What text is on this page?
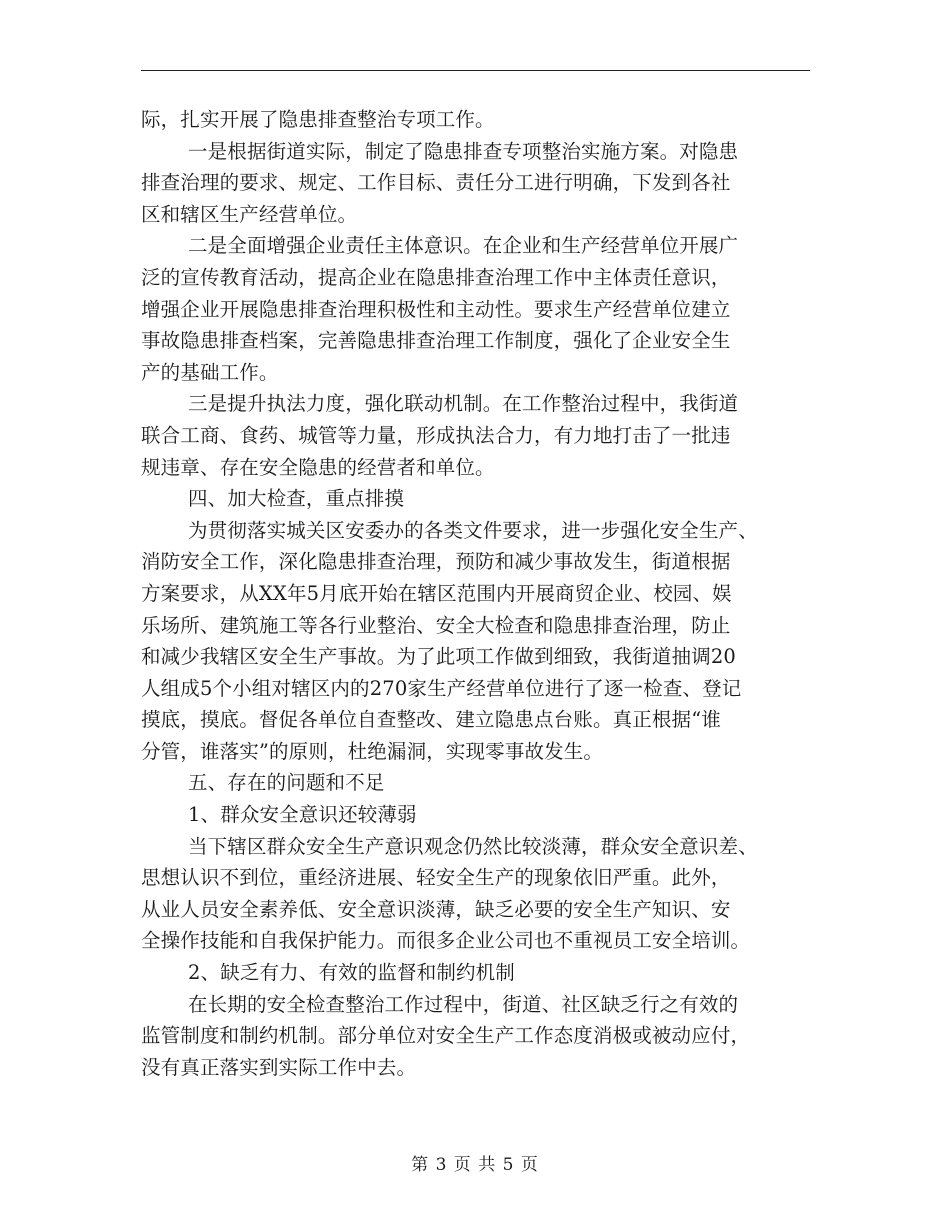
际，扎实开展了隐患排查整治专项工作。
一是根据街道实际，制定了隐患排查专项整治实施方案。对隐患
排查治理的要求、规定、工作目标、责任分工进行明确，下发到各社
区和辖区生产经营单位。
二是全面增强企业责任主体意识。在企业和生产经营单位开展广
泛的宣传教育活动，提高企业在隐患排查治理工作中主体责任意识，
增强企业开展隐患排查治理积极性和主动性。要求生产经营单位建立
事故隐患排查档案，完善隐患排查治理工作制度，强化了企业安全生
产的基础工作。
三是提升执法力度，强化联动机制。在工作整治过程中，我街道
联合工商、食药、城管等力量，形成执法合力，有力地打击了一批违
规违章、存在安全隐患的经营者和单位。
四、加大检查，重点排摸
为贯彻落实城关区安委办的各类文件要求，进一步强化安全生产、
消防安全工作，深化隐患排查治理，预防和减少事故发生，街道根据
方案要求，从XX年5月底开始在辖区范围内开展商贸企业、校园、娱
乐场所、建筑施工等各行业整治、安全大检查和隐患排查治理，防止
和减少我辖区安全生产事故。为了此项工作做到细致，我街道抽调20
人组成5个小组对辖区内的270家生产经营单位进行了逐一检查、登记
摸底，摸底。督促各单位自查整改、建立隐患点台账。真正根据“谁
分管，谁落实”的原则，杜绝漏洞，实现零事故发生。
五、存在的问题和不足
1、群众安全意识还较薄弱
当下辖区群众安全生产意识观念仍然比较淡薄，群众安全意识差、
思想认识不到位，重经济进展、轻安全生产的现象依旧严重。此外，
从业人员安全素养低、安全意识淡薄，缺乏必要的安全生产知识、安
全操作技能和自我保护能力。而很多企业公司也不重视员工安全培训。
2、缺乏有力、有效的监督和制约机制
在长期的安全检查整治工作过程中，街道、社区缺乏行之有效的
监管制度和制约机制。部分单位对安全生产工作态度消极或被动应付，
没有真正落实到实际工作中去。
第 3 页 共 5 页
